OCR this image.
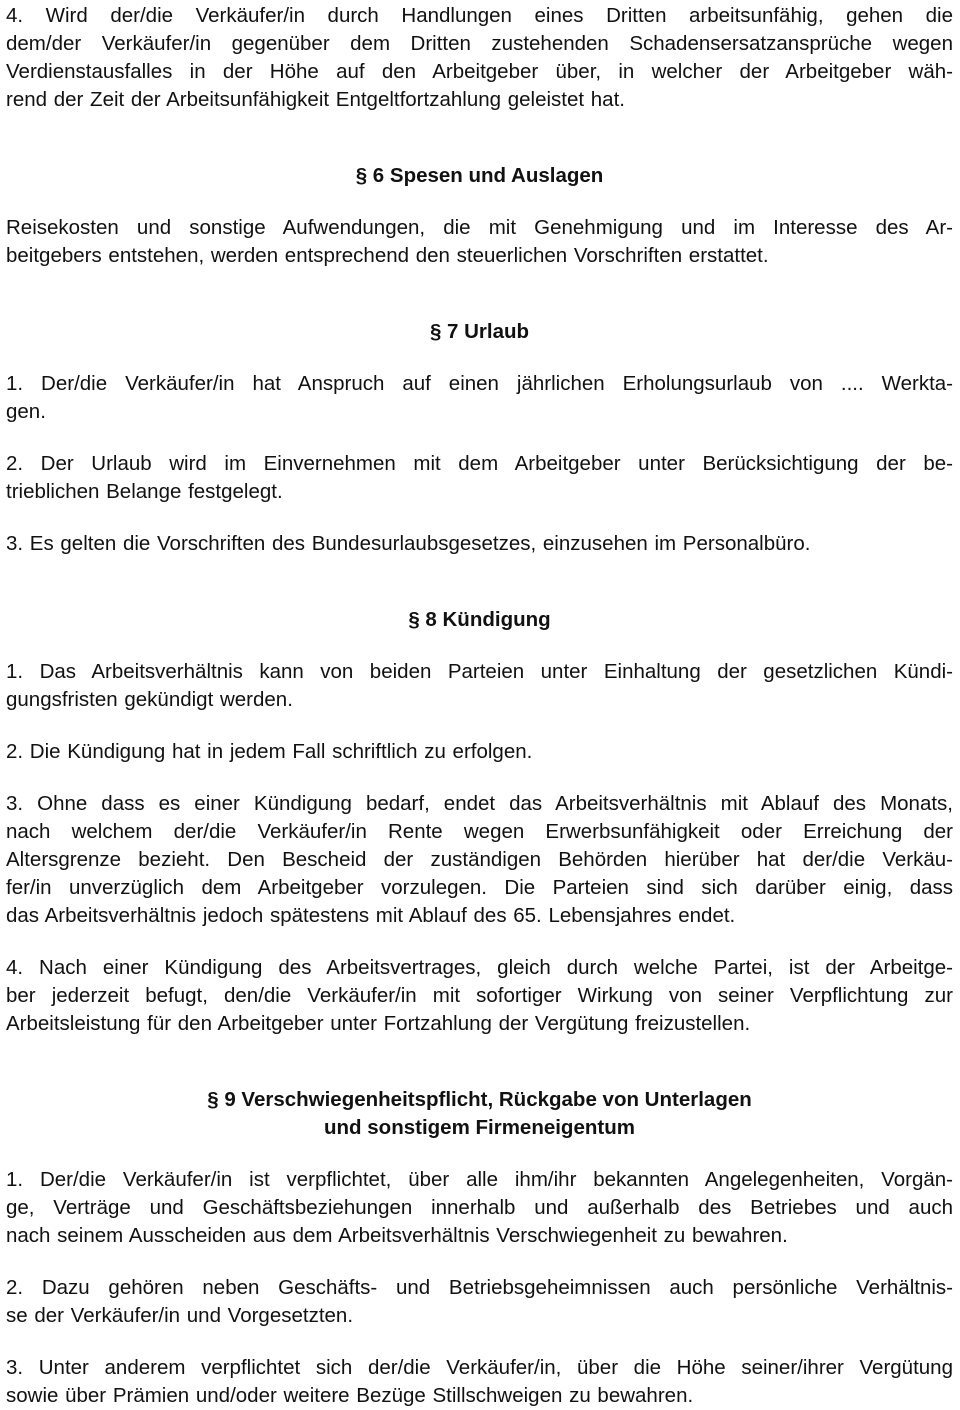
4. Wird der/die Verkäufer/in durch Handlungen eines Dritten arbeitsunfähig, gehen die
dem/der Verkäufer/in gegenüber dem Dritten zustehenden Schadensersatzansprüche wegen
Verdienstausfalles in der Höhe auf den Arbeitgeber über, in welcher der Arbeitgeber wäh-
rend der Zeit der Arbeitsunfähigkeit Entgeltfortzahlung geleistet hat.
§ 6 Spesen und Auslagen
Reisekosten und sonstige Aufwendungen, die mit Genehmigung und im Interesse des Ar-
beitgebers entstehen, werden entsprechend den steuerlichen Vorschriften erstattet.
§ 7 Urlaub
1. Der/die Verkäufer/in hat Anspruch auf einen jährlichen Erholungsurlaub von .... Werkta-
gen.
2. Der Urlaub wird im Einvernehmen mit dem Arbeitgeber unter Berücksichtigung der be-
trieblichen Belange festgelegt.
3. Es gelten die Vorschriften des Bundesurlaubsgesetzes, einzusehen im Personalbüro.
§ 8 Kündigung
1. Das Arbeitsverhältnis kann von beiden Parteien unter Einhaltung der gesetzlichen Kündi-
gungsfristen gekündigt werden.
2. Die Kündigung hat in jedem Fall schriftlich zu erfolgen.
3. Ohne dass es einer Kündigung bedarf, endet das Arbeitsverhältnis mit Ablauf des Monats,
nach welchem der/die Verkäufer/in Rente wegen Erwerbsunfähigkeit oder Erreichung der
Altersgrenze bezieht. Den Bescheid der zuständigen Behörden hierüber hat der/die Verkäu-
fer/in unverzüglich dem Arbeitgeber vorzulegen. Die Parteien sind sich darüber einig, dass
das Arbeitsverhältnis jedoch spätestens mit Ablauf des 65. Lebensjahres endet.
4. Nach einer Kündigung des Arbeitsvertrages, gleich durch welche Partei, ist der Arbeitge-
ber jederzeit befugt, den/die Verkäufer/in mit sofortiger Wirkung von seiner Verpflichtung zur
Arbeitsleistung für den Arbeitgeber unter Fortzahlung der Vergütung freizustellen.
§ 9 Verschwiegenheitspflicht, Rückgabe von Unterlagen
und sonstigem Firmeneigentum
1. Der/die Verkäufer/in ist verpflichtet, über alle ihm/ihr bekannten Angelegenheiten, Vorgän-
ge, Verträge und Geschäftsbeziehungen innerhalb und außerhalb des Betriebes und auch
nach seinem Ausscheiden aus dem Arbeitsverhältnis Verschwiegenheit zu bewahren.
2. Dazu gehören neben Geschäfts- und Betriebsgeheimnissen auch persönliche Verhältnis-
se der Verkäufer/in und Vorgesetzten.
3. Unter anderem verpflichtet sich der/die Verkäufer/in, über die Höhe seiner/ihrer Vergütung
sowie über Prämien und/oder weitere Bezüge Stillschweigen zu bewahren.
